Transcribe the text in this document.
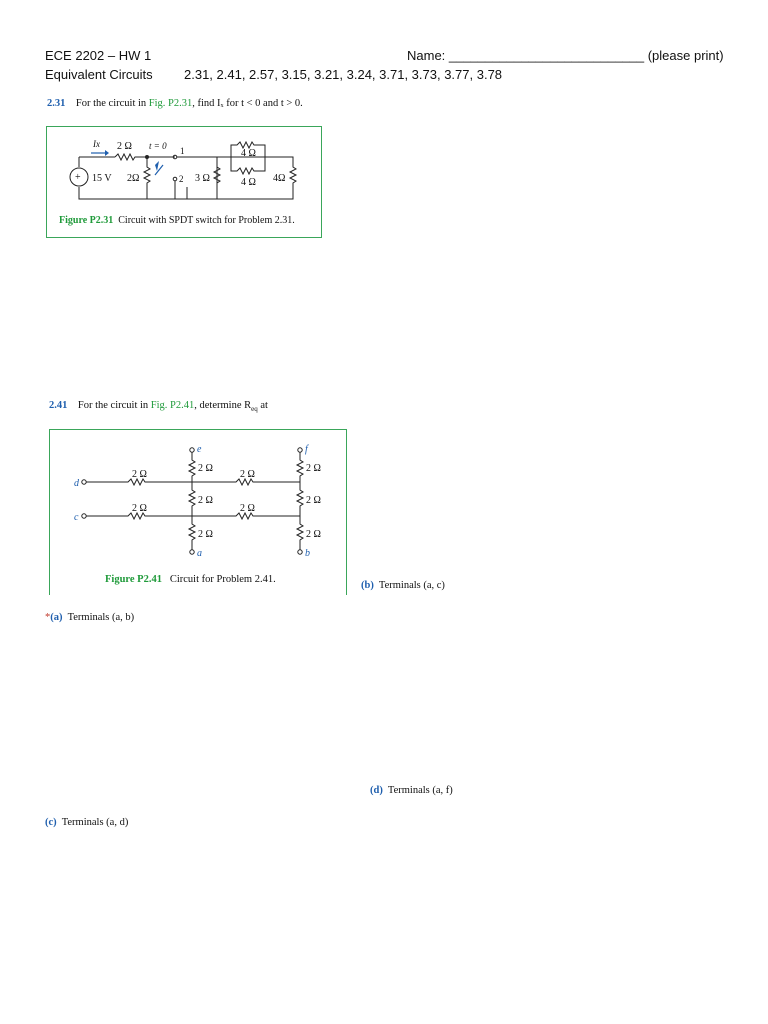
ECE 2202 – HW 1	Name: ___________________________ (please print)
Equivalent Circuits 2.31, 2.41, 2.57, 3.15, 3.21, 3.24, 3.71, 3.73, 3.77, 3.78
2.31 For the circuit in Fig. P2.31, find Iₓ for t < 0 and t > 0.
Ix 2 Ω t = 0 1
2
+ 15 V 2Ω	3 Ω
4 Ω
4 Ω 4Ω
Figure P2.31 Circuit with SPDT switch for Problem 2.31.
2.41 For the circuit in Fig. P2.41, determine $R_{eq}$ at
d
c
e
a
f
b
2 Ω
2 Ω
2 Ω
2 Ω
2 Ω
2 Ω
2 Ω
2 Ω
2 Ω
2 Ω
Figure P2.41 Circuit for Problem 2.41.
(b) Terminals (a, c)
*(a) Terminals (a, b)
(d) Terminals (a, f)
(c) Terminals (a, d)
